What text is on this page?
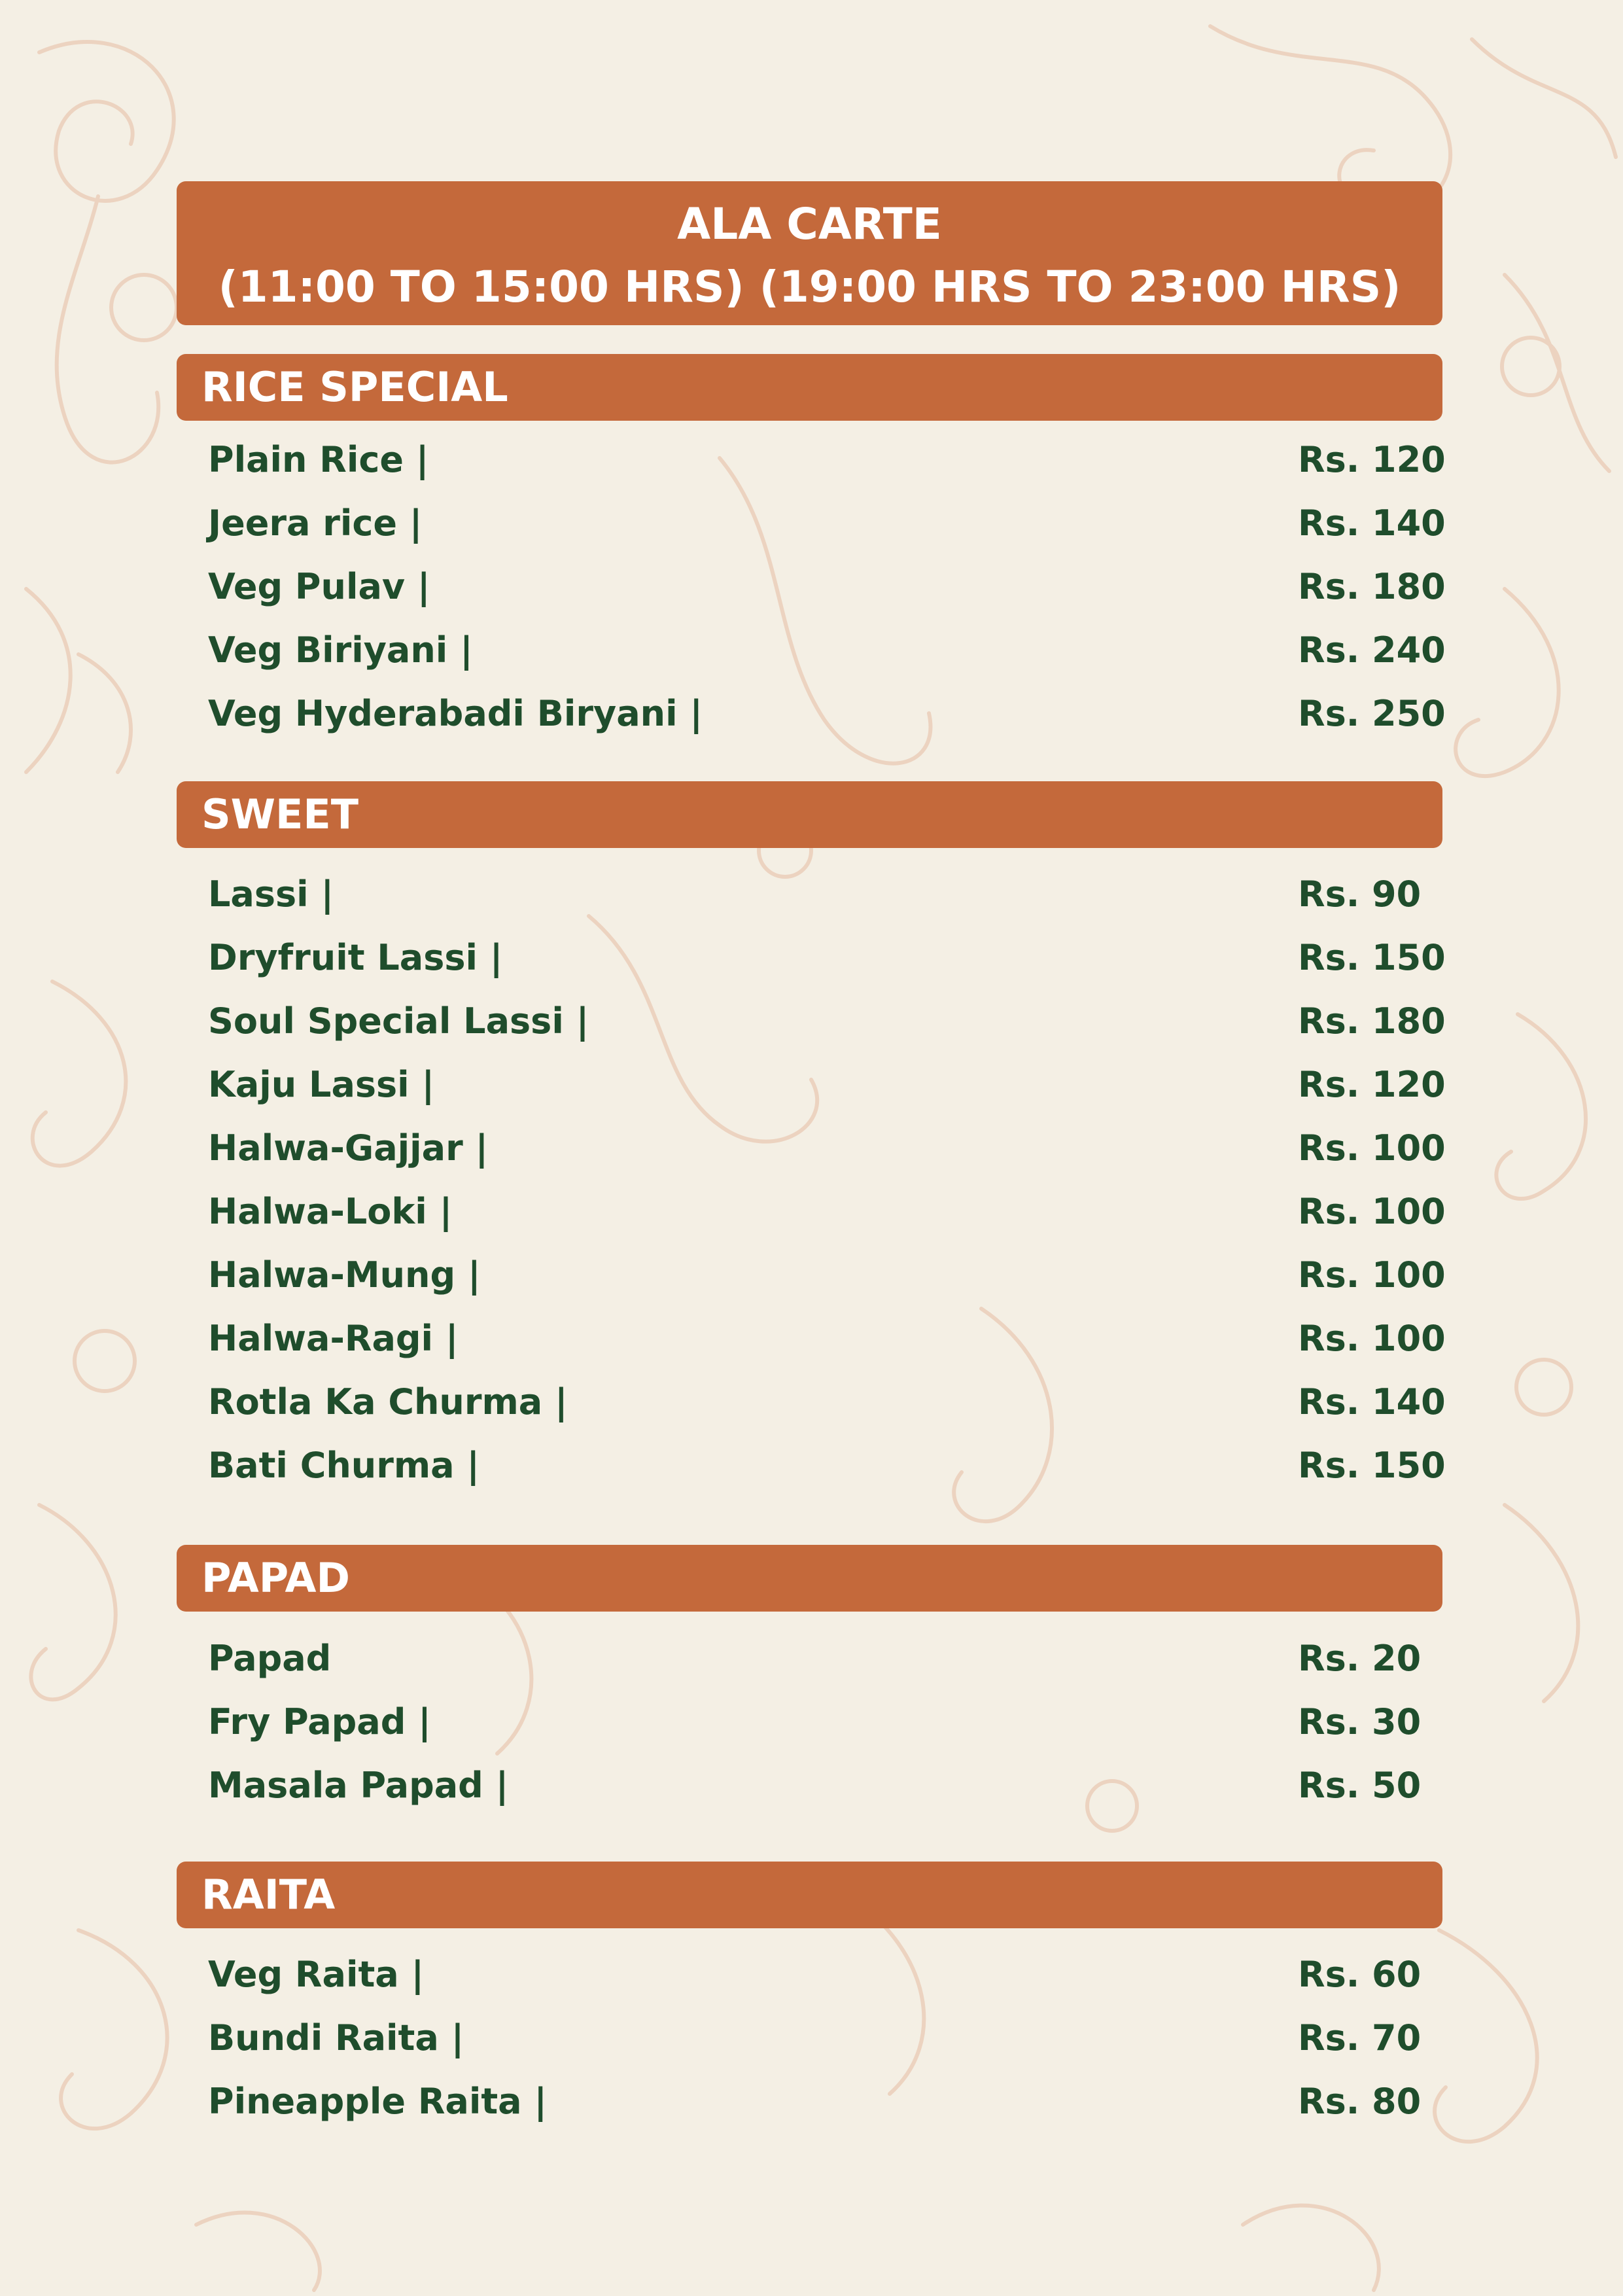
ALA CARTE
(11:00 TO 15:00 HRS) (19:00 HRS TO 23:00 HRS)
RICE SPECIAL
Plain Rice |	Rs. 120
Jeera rice |	Rs. 140
Veg Pulav |	Rs. 180
Veg Biriyani |	Rs. 240
Veg Hyderabadi Biryani |	Rs. 250
SWEET
Lassi |	Rs. 90
Dryfruit Lassi |	Rs. 150
Soul Special Lassi |	Rs. 180
Kaju Lassi |	Rs. 120
Halwa-Gajjar |	Rs. 100
Halwa-Loki |	Rs. 100
Halwa-Mung |	Rs. 100
Halwa-Ragi |	Rs. 100
Rotla Ka Churma |	Rs. 140
Bati Churma |	Rs. 150
PAPAD
Papad	Rs. 20
Fry Papad |	Rs. 30
Masala Papad |	Rs. 50
RAITA
Veg Raita |	Rs. 60
Bundi Raita |	Rs. 70
Pineapple Raita |	Rs. 80
